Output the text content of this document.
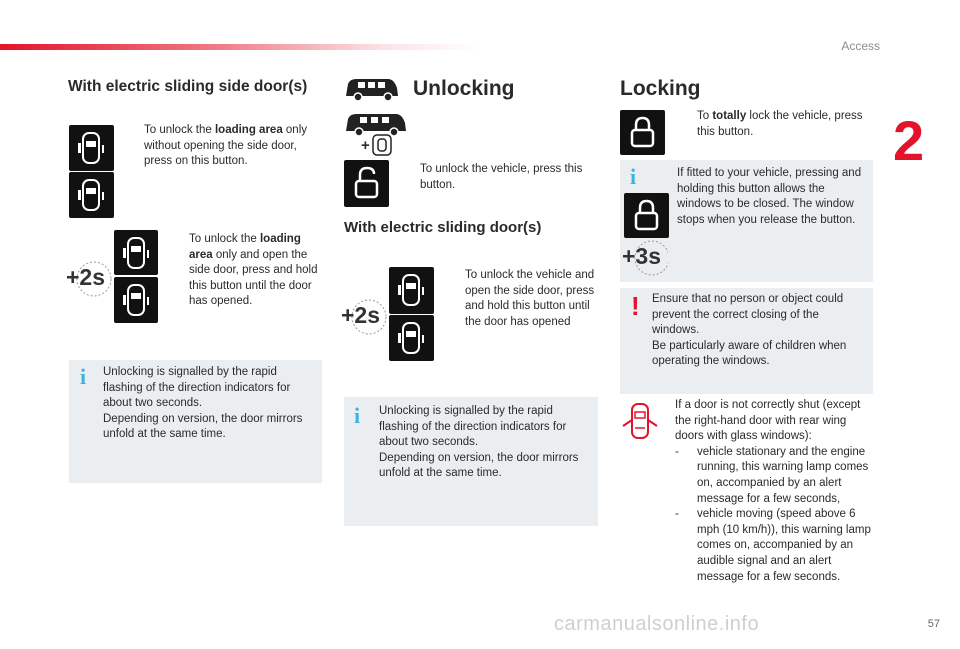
Access
2
With electric sliding side door(s)
To unlock the loading area only without opening the side door, press on this button.
+2s
To unlock the loading area only and open the side door, press and hold this button until the door has opened.
i Unlocking is signalled by the rapid flashing of the direction indicators for about two seconds.
Depending on version, the door mirrors unfold at the same time.
Unlocking
+
To unlock the vehicle, press this button.
With electric sliding door(s)
+2s
To unlock the vehicle and open the side door, press and hold this button until the door has opened
i Unlocking is signalled by the rapid flashing of the direction indicators for about two seconds.
Depending on version, the door mirrors unfold at the same time.
Locking
To totally lock the vehicle, press this button.
i
+3s
If fitted to your vehicle, pressing and holding this button allows the windows to be closed. The window stops when you release the button.
! Ensure that no person or object could prevent the correct closing of the windows.
Be particularly aware of children when operating the windows.
If a door is not correctly shut (except the right-hand door with rear wing doors with glass windows):
-	vehicle stationary and the engine running, this warning lamp comes on, accompanied by an alert message for a few seconds,
-	vehicle moving (speed above 6 mph (10 km/h)), this warning lamp comes on, accompanied by an audible signal and an alert message for a few seconds.
57
carmanualsonline.info
